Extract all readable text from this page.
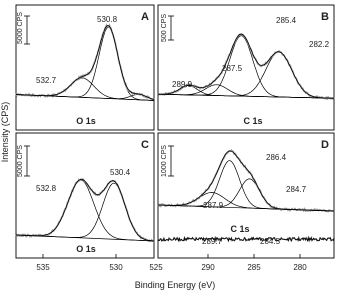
Intensity (CPS)
A	B
C	D
O 1s	C 1s
O 1s
C 1s
5000 CPS	500 CPS
5000 CPS	1000 CPS
530.8
532.7
285.4
282.2
287.5
289.9
530.4
532.8
286.4
284.7
287.9
289.7	284.5
535	530	525	290	285	280
Binding Energy (eV)
